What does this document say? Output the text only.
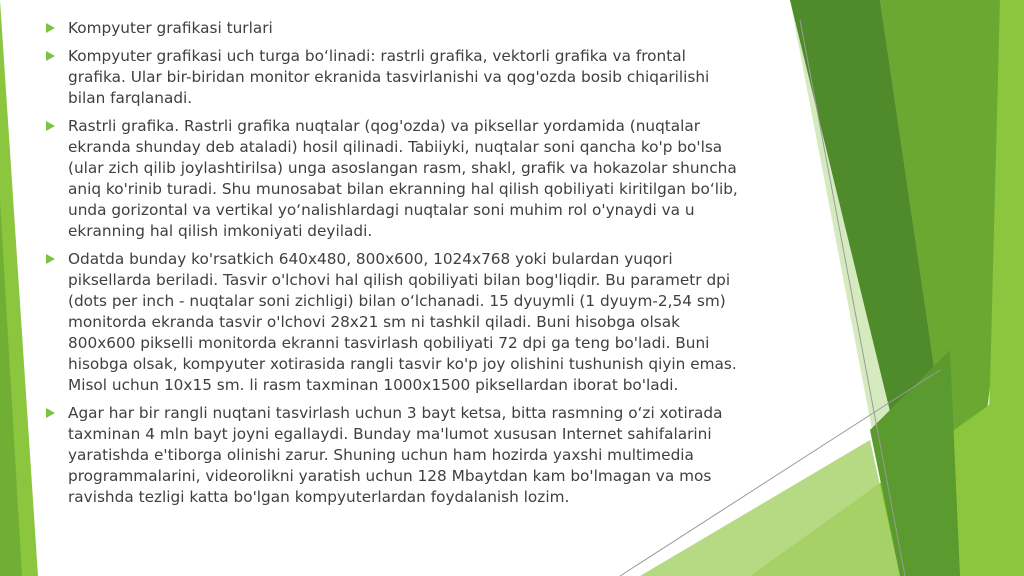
Kompyuter grafikasi turlari
Kompyuter grafikasi uch turga bo‘linadi: rastrli grafika, vektorli grafika va frontal grafika. Ular bir-biridan monitor ekranida tasvirlanishi va qog'ozda bosib chiqarilishi bilan farqlanadi.
Rastrli grafika. Rastrli grafika nuqtalar (qog'ozda) va piksellar yordamida (nuqtalar ekranda shunday deb ataladi) hosil qilinadi. Tabiiyki, nuqtalar soni qancha ko'p bo'lsa (ular zich qilib joylashtirilsa) unga asoslangan rasm, shakl, grafik va hokazolar shuncha aniq ko'rinib turadi. Shu munosabat bilan ekranning hal qilish qobiliyati kiritilgan bo‘lib, unda gorizontal va vertikal yo‘nalishlardagi nuqtalar soni muhim rol o'ynaydi va u ekranning hal qilish imkoniyati deyiladi.
Odatda bunday ko'rsatkich 640x480, 800x600, 1024x768 yoki bulardan yuqori piksellarda beriladi. Tasvir o'lchovi hal qilish qobiliyati bilan bog'liqdir. Bu parametr dpi (dots per inch - nuqtalar soni zichligi) bilan o‘lchanadi. 15 dyuymli (1 dyuym-2,54 sm) monitorda ekranda tasvir o'lchovi 28x21 sm ni tashkil qiladi. Buni hisobga olsak 800x600 pikselli monitorda ekranni tasvirlash qobiliyati 72 dpi ga teng bo'ladi. Buni hisobga olsak, kompyuter xotirasida rangli tasvir ko'p joy olishini tushunish qiyin emas. Misol uchun 10x15 sm. li rasm taxminan 1000x1500 piksellardan iborat bo'ladi.
Agar har bir rangli nuqtani tasvirlash uchun 3 bayt ketsa, bitta rasmning o‘zi xotirada taxminan 4 mln bayt joyni egallaydi. Bunday ma'lumot xususan Internet sahifalarini yaratishda e'tiborga olinishi zarur. Shuning uchun ham hozirda yaxshi multimedia programmalarini, videorolikni yaratish uchun 128 Mbaytdan kam bo'lmagan va mos ravishda tezligi katta bo'lgan kompyuterlardan foydalanish lozim.
